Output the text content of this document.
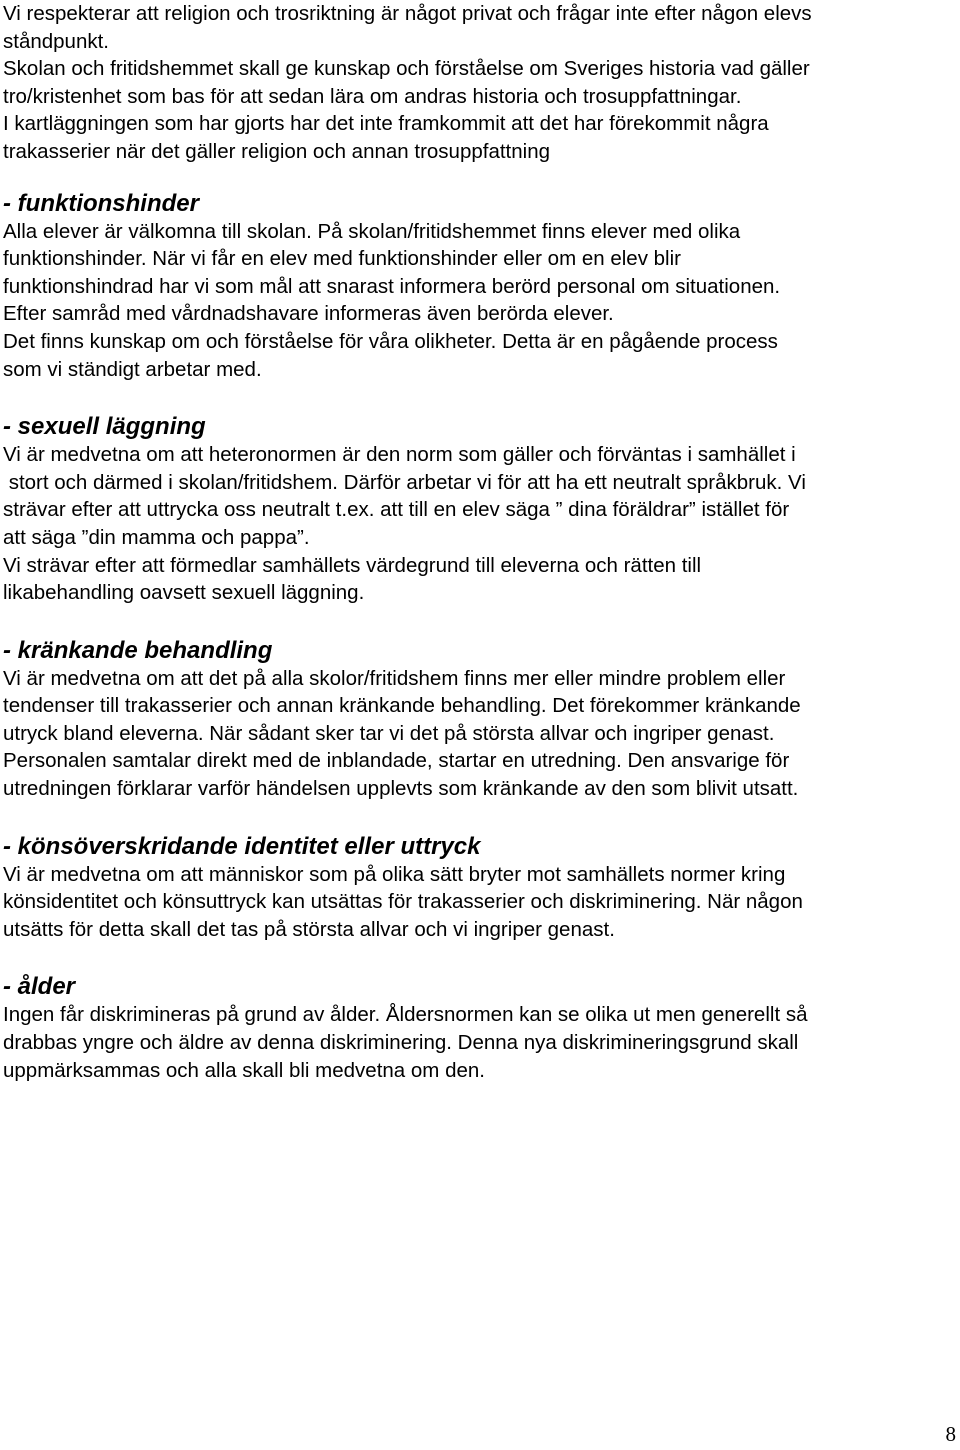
Vi respekterar att religion och trosriktning är något privat och frågar inte efter någon elevs
ståndpunkt.
Skolan och fritidshemmet skall ge kunskap och förståelse om Sveriges historia vad gäller
tro/kristenhet som bas för att sedan lära om andras historia och trosuppfattningar.
I kartläggningen som har gjorts har det inte framkommit att det har förekommit några
trakasserier när det gäller religion och annan trosuppfattning
- funktionshinder
Alla elever är välkomna till skolan. På skolan/fritidshemmet finns elever med olika
funktionshinder. När vi får en elev med funktionshinder eller om en elev blir
funktionshindrad har vi som mål att snarast informera berörd personal om situationen.
Efter samråd med vårdnadshavare informeras även berörda elever.
Det finns kunskap om och förståelse för våra olikheter. Detta är en pågående process
som vi ständigt arbetar med.
- sexuell läggning
Vi är medvetna om att heteronormen är den norm som gäller och förväntas i samhället i
stort och därmed i skolan/fritidshem. Därför arbetar vi för att ha ett neutralt språkbruk. Vi
strävar efter att uttrycka oss neutralt t.ex. att till en elev säga ” dina föräldrar” istället för
att säga ”din mamma och pappa”.
Vi strävar efter att förmedlar samhällets värdegrund till eleverna och rätten till
likabehandling oavsett sexuell läggning.
- kränkande behandling
Vi är medvetna om att det på alla skolor/fritidshem finns mer eller mindre problem eller
tendenser till trakasserier och annan kränkande behandling. Det förekommer kränkande
utryck bland eleverna. När sådant sker tar vi det på största allvar och ingriper genast.
Personalen samtalar direkt med de inblandade, startar en utredning. Den ansvarige för
utredningen förklarar varför händelsen upplevts som kränkande av den som blivit utsatt.
- könsöverskridande identitet eller uttryck
Vi är medvetna om att människor som på olika sätt bryter mot samhällets normer kring
könsidentitet och könsuttryck kan utsättas för trakasserier och diskriminering. När någon
utsätts för detta skall det tas på största allvar och vi ingriper genast.
- ålder
Ingen får diskrimineras på grund av ålder. Åldersnormen kan se olika ut men generellt så
drabbas yngre och äldre av denna diskriminering. Denna nya diskrimineringsgrund skall
uppmärksammas och alla skall bli medvetna om den.
8
